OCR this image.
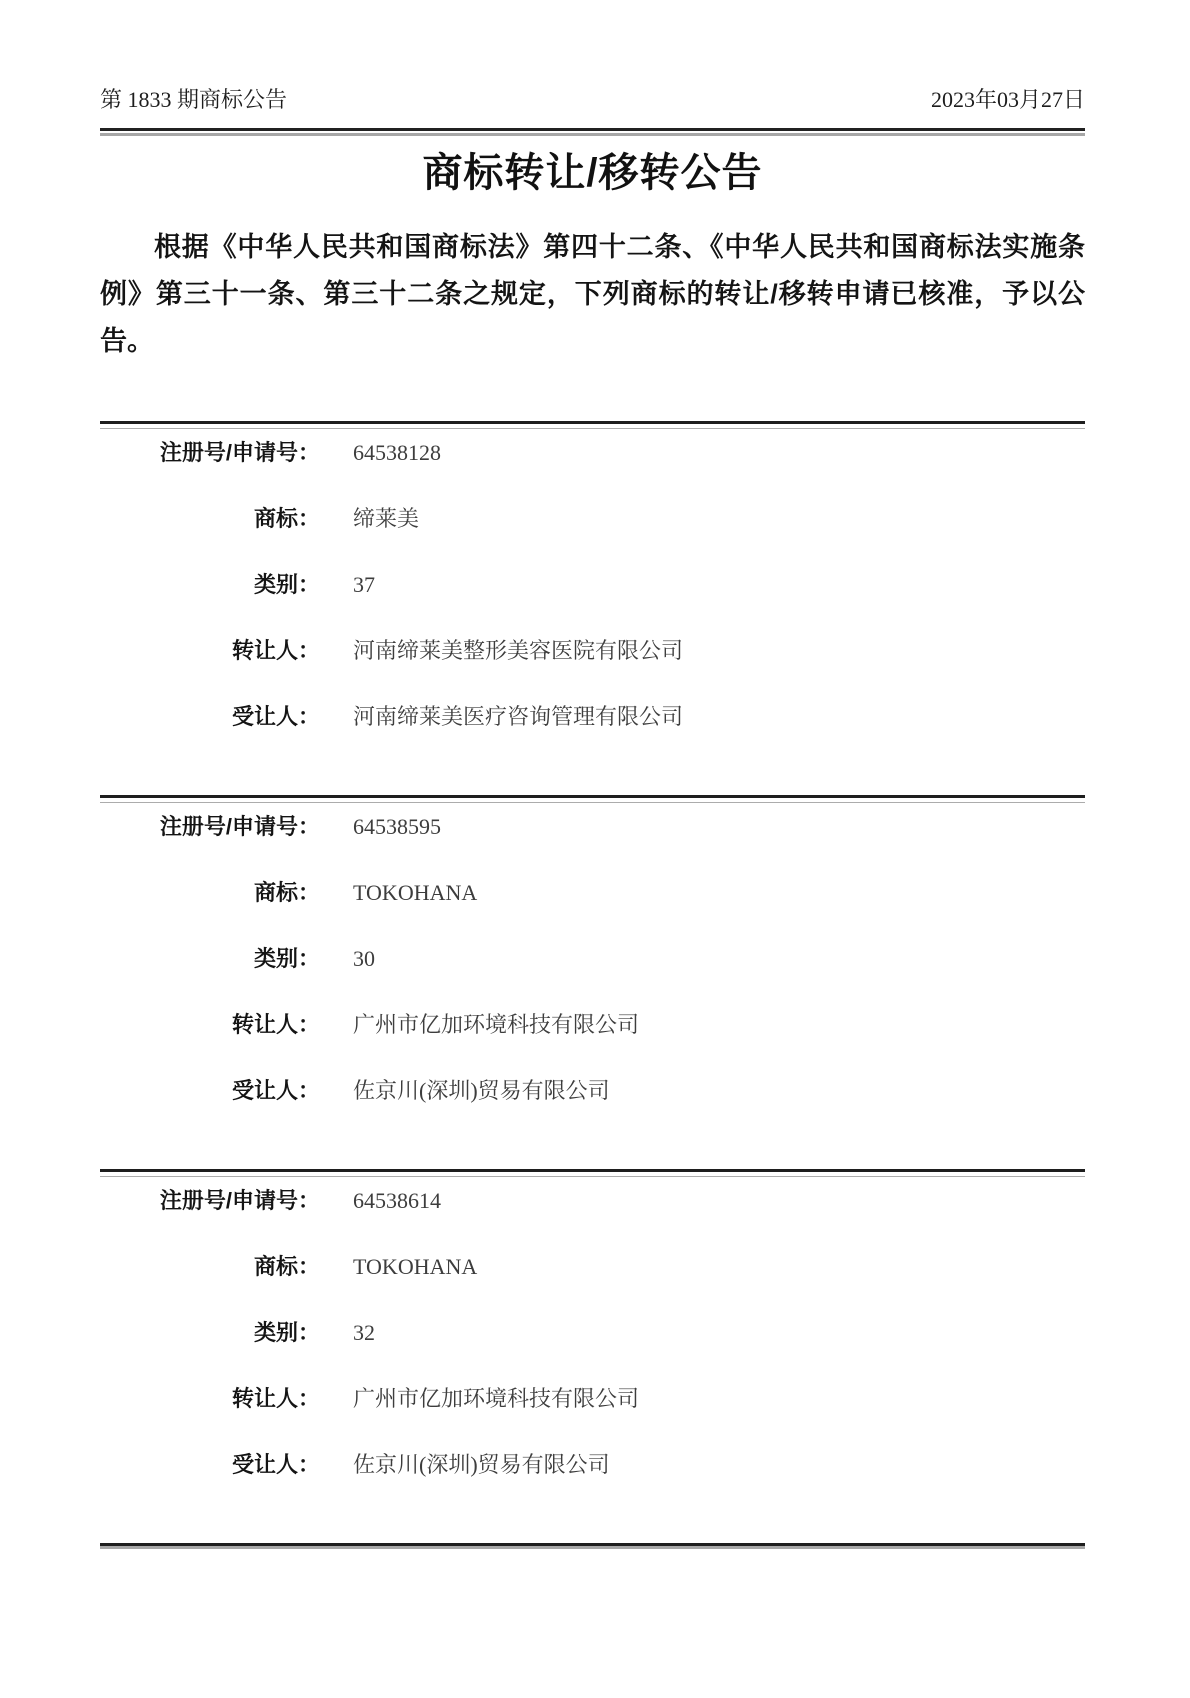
第 1833 期商标公告	2023年03月27日
商标转让/移转公告

根据《中华人民共和国商标法》第四十二条、《中华人民共和国商标法实施条例》第三十一条、第三十二条之规定，下列商标的转让/移转申请已核准，予以公告。

注册号/申请号： 64538128
商标： 缔莱美
类别： 37
转让人： 河南缔莱美整形美容医院有限公司
受让人： 河南缔莱美医疗咨询管理有限公司
注册号/申请号： 64538595
商标： TOKOHANA
类别： 30
转让人： 广州市亿加环境科技有限公司
受让人： 佐京川(深圳)贸易有限公司
注册号/申请号： 64538614
商标： TOKOHANA
类别： 32
转让人： 广州市亿加环境科技有限公司
受让人： 佐京川(深圳)贸易有限公司
